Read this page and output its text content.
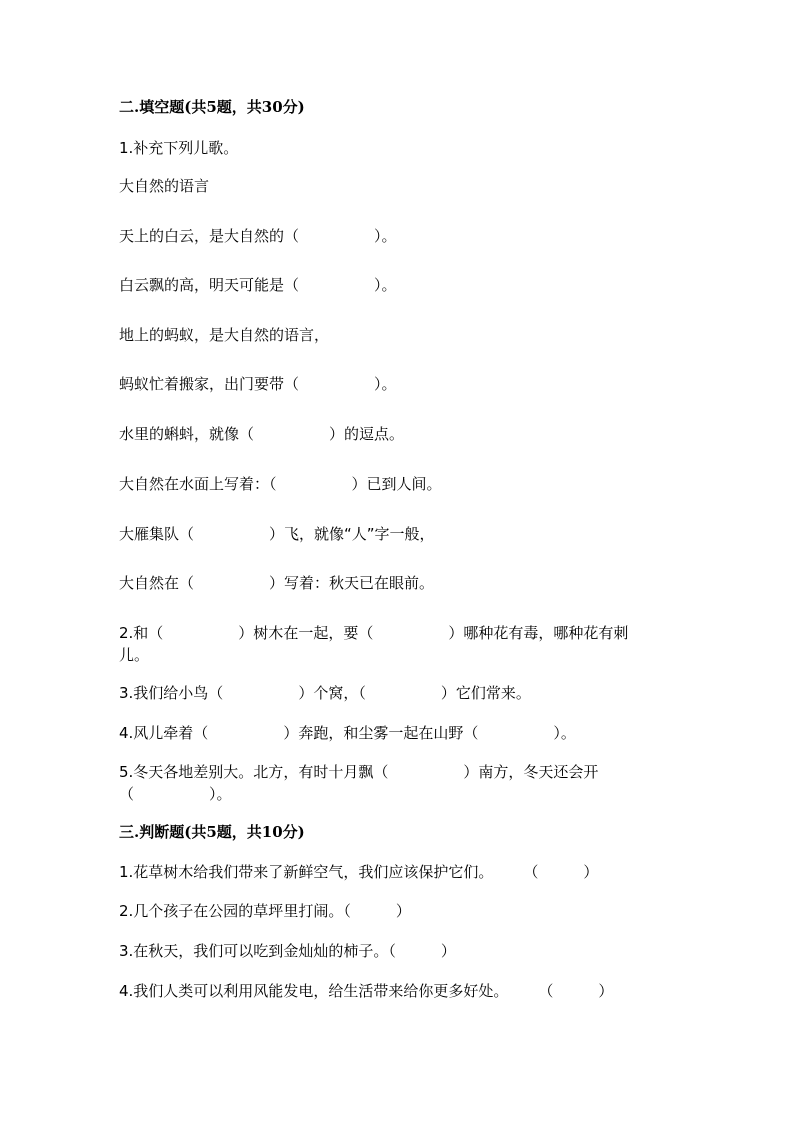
二.填空题(共5题，共30分)
1.补充下列儿歌。
大自然的语言
天上的白云，是大自然的（　　　　　）。
白云飘的高，明天可能是（　　　　　）。
地上的蚂蚁，是大自然的语言，
蚂蚁忙着搬家，出门要带（　　　　　）。
水里的蝌蚪，就像（　　　　　）的逗点。
大自然在水面上写着：（　　　　　）已到人间。
大雁集队（　　　　　）飞，就像“人”字一般，
大自然在（　　　　　）写着：秋天已在眼前。
2.和（　　　　　）树木在一起，要（　　　　　）哪种花有毒，哪种花有刺
儿。
3.我们给小鸟（　　　　　）个窝，（　　　　　）它们常来。
4.风儿牵着（　　　　　）奔跑，和尘雾一起在山野（　　　　　）。
5.冬天各地差别大。北方，有时十月飘（　　　　　）南方，冬天还会开
（　　　　　）。
三.判断题(共5题，共10分)
1.花草树木给我们带来了新鲜空气，我们应该保护它们。　　　（　　　）
2.几个孩子在公园的草坪里打闹。（　　　）
3.在秋天，我们可以吃到金灿灿的柿子。（　　　）
4.我们人类可以利用风能发电，给生活带来给你更多好处。　　　（　　　）
